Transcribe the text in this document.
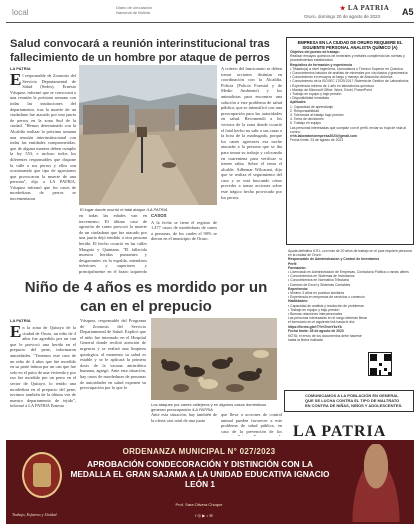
local
Diario de circulación
Nacional de Bolivia
★ LA PATRIA
Oruro, domingo 20 de agosto de 2023 A5
Salud convocará a reunión interinstitucional tras fallecimiento de un hombre por ataque de perros
LA PATRIA
El responsable de Zoonosis del Servicio Departamental de Salud (Sedes), Ernesto Vásquez, informó que se convocará a una reunión la próxima semana con todas las instituciones del departamento, tras la muerte de un ciudadano fue atacado por una jauría de perros en la zona Sud de la ciudad. "Hemos determinado con la Alcaldía realizar la próxima semana una reunión interinstitucional con todas las entidades comprometidas, que de alguna manera deben cumplir la ley 553, e incluso todos los diferentes responsables que dispone la calle a sus perros y ellos son ocasionando que tipo de agresiones que provocaron la muerte de una persona", dijo a LA PATRIA. Vásquez informó que los casos de mordeduras de perros se incrementaron
El lugar donde ocurrió el fatal ataque /LA PATRIA
en todas las edades van en incremento. El último caso de agresión de canes provocó la muerte de un ciudadano que fue atacado por una jauría dejó tendido a otra persona herida. El hecho ocurrió en las calles Murguía y Quintana. "El fallecido muestra heridas punzantes y desgarrantes en la espalda, miembros inferiores y superiores y principalmente en el brazo izquierdo

CASOS

A la fecha se tiene el registro de 1.477 casos de mordeduras de canes a personas, de los cuales el 90% se dieron en el municipio de Oruro.
A criterio del funcionario se deben tomar acciones distintas en coordinación con la Alcaldía, Policía (Policía Forestal y de Medio Ambiente) y los animalistas para encontrar una solución a este problema de salud pública, que se intensificó con una preocupación para las autoridades en salud. Recomendó a los vecinos de la zona donde ocurrió el fatal hecho no salir a sus casas a la hora de la madrugada, porque los canes agresores esa noche atacarán a la persona que se iba para tomar su trabajo y colocando en cuarentena para verificar si tienen rabia. Sobre el tema el alcalde, Adhemar Wilcarani, dijo que se realiza el seguimiento del caso y se está buscando cómo proceder a tomar acciones sobre este trágico hecho provocado por los perros.
Niño de 4 años es mordido por un can en el prepucio
LA PATRIA
En la zona de Quitayo de la ciudad de Oruro, un niño de 4 años fue agredido por un can que le provocó una herida en el prepucio del pene, informaron autoridades. "Tenemos este caso de un niño de 4 años que fue mordido en su parte íntima por un can que fue solo en el patio de una vivienda y por eso fue mordido por un perro en el sector de Quitayo, lo tenido una mordedura en el prepucio del pene, tuvimos también de la última vez de nuestro departamento de tejido", informó a LA PATRIA Ernesto
Vásquez, responsable del Programa de Zoonosis del Servicio Departamental de Salud. Explicó que el niño fue internado en el Hospital General donde recibió atención de urgencia y se realizó una limpieza quirúrgica, al momento su salud es estable y se le aplicará la primera dosis de la vacuna antirrábica humana, agregó. Ante esta situación, hay casos de mordeduras de personas de autoridades en salud exponen su preocupación por lo que lo
Los ataques por canes callejeros y en algunos casos domésticos generan preocupación /LA PATRIA
Ante esta situación, hay también de la oferta casi total de una junta
que lleva a acciones de control animal pueden favorecer a este problema de salud pública, en caso de la prevención de los
EMPRESA EN LA CIUDAD DE ORURO REQUIERE EL SIGUIENTE PERSONAL ANALISTA QUÍMICO (A)
Objetivo del puesto de trabajo:
Realizar ensayos químicos de minerales y metales cumpliendo las normas y procedimientos establecidos
Requisitos de formación y experiencia
• Titulado(a) a nivel Ingeniería, Licenciatura o Técnico Superior en Química
• Conocimientos básicos de análisis de minerales por vía clásica y gravimetría
• Conocimiento en ensayos al fuego y manejo de Absorción Atómica
• Conocimiento de la ISO/IEC 17025:2017 Sistema de Gestión de Laboratorios
• Experiencia mínima de 1 año en laboratorios químicos
• Manejo de Microsoft Office: Word, Excel, PowerPoint
• Trabajo en equipo y bajo presión
• Disponibilidad inmediata
Aptitudes
1. Capacidad de aprendizaje
2. Responsabilidad
3. Tolerancia al trabajo bajo presión
4. Toma de decisiones
5. Trabajo en equipo
Las personas interesadas que cumplan con el perfil, enviar su hoja de vida al correo:
rrhh.laboratorioempresa2023@gmail.com
Fecha límite: 23 de agosto de 2023
Ayuda definitiva S.R.L con más de 20 años de trabajo en el país requiere personal en la ciudad de Oruro:
Responsable de Administración y Control de Inventarios
Perfil
Formación:
• Licenciado en Administración de Empresas, Contaduría Pública o ramas afines
• Conocimientos en Sistemas de Inventarios
• Conocimientos en Normativa Tributaria
• Dominio de Excel y Sistemas Contables
Experiencia:
• Mínimo 3 años en puestos similares
• Experiencia en empresas de servicios o comercio
Habilidades:
• Capacidad de análisis y resolución de problemas
• Trabajo en equipo y bajo presión
• Buenas relaciones interpersonales
Las personas interesadas en el cargo deberán llenar el formulario en el siguiente link hasta el día:
https://forms.gle/rTYrh7nmYkvYA
Fecha límite: 28 de agosto de 2023
NOTA: el envío de los documentos debe hacerse hasta la fecha indicada
COMUNICAMOS A LA POBLACIÓN EN GENERAL QUE SE LUCHA CONTRA EL TIPO DE MALTRATO EN CONTRA DE NIÑAS, NIÑOS Y ADOLESCENTES.
LA PATRIA
ORDENANZA MUNICIPAL N° 027/2023
APROBACIÓN CONDECORACIÓN Y DISTINCIÓN CON LA MEDALLA EL GRAN SAJAMA A LA UNIDAD EDUCATIVA IGNACIO LEÓN 1
Prof. Sara Olivera Choque
Trabajo, Esfuerzo y Unidad	f ◎ ▶ ♪ ✉
